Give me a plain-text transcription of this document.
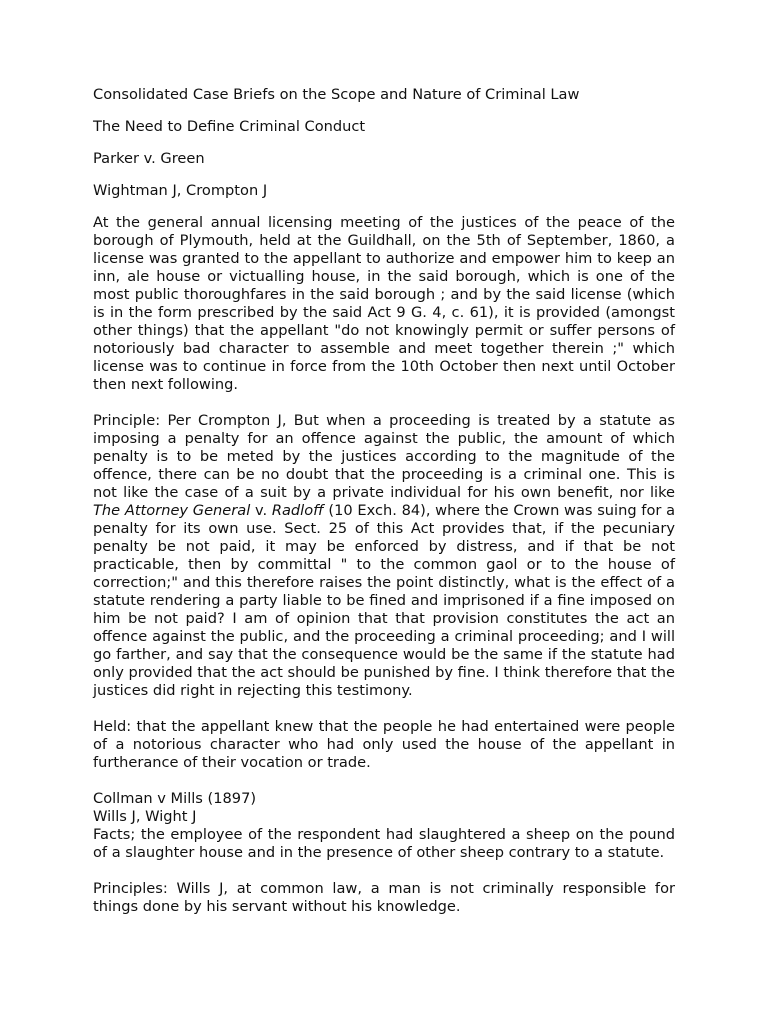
Consolidated Case Briefs on the Scope and Nature of Criminal Law

The Need to Define Criminal Conduct

Parker v. Green

Wightman J, Crompton J

At the general annual licensing meeting of the justices of the peace of the borough of Plymouth, held at the Guildhall, on the 5th of September, 1860, a license was granted to the appellant to authorize and empower him to keep an inn, ale house or victualling house, in the said borough, which is one of the most public thoroughfares in the said borough ; and by the said license (which is in the form prescribed by the said Act 9 G. 4, c. 61), it is provided (amongst other things) that the appellant "do not knowingly permit or suffer persons of notoriously bad character to assemble and meet together therein ;" which license was to continue in force from the 10th October then next until October then next following.

Principle: Per Crompton J, But when a proceeding is treated by a statute as imposing a penalty for an offence against the public, the amount of which penalty is to be meted by the justices according to the magnitude of the offence, there can be no doubt that the proceeding is a criminal one. This is not like the case of a suit by a private individual for his own benefit, nor like The Attorney General v. Radloff (10 Exch. 84), where the Crown was suing for a penalty for its own use. Sect. 25 of this Act provides that, if the pecuniary penalty be not paid, it may be enforced by distress, and if that be not practicable, then by committal " to the common gaol or to the house of correction;" and this therefore raises the point distinctly, what is the effect of a statute rendering a party liable to be fined and imprisoned if a fine imposed on him be not paid? I am of opinion that that provision constitutes the act an offence against the public, and the proceeding a criminal proceeding; and I will go farther, and say that the consequence would be the same if the statute had only provided that the act should be punished by fine. I think therefore that the justices did right in rejecting this testimony.

Held: that the appellant knew that the people he had entertained were people of a notorious character who had only used the house of the appellant in furtherance of their vocation or trade.

Collman v Mills (1897)

Wills J, Wight J

Facts; the employee of the respondent had slaughtered a sheep on the pound of a slaughter house and in the presence of other sheep contrary to a statute.

Principles: Wills J, at common law, a man is not criminally responsible for things done by his servant without his knowledge.
